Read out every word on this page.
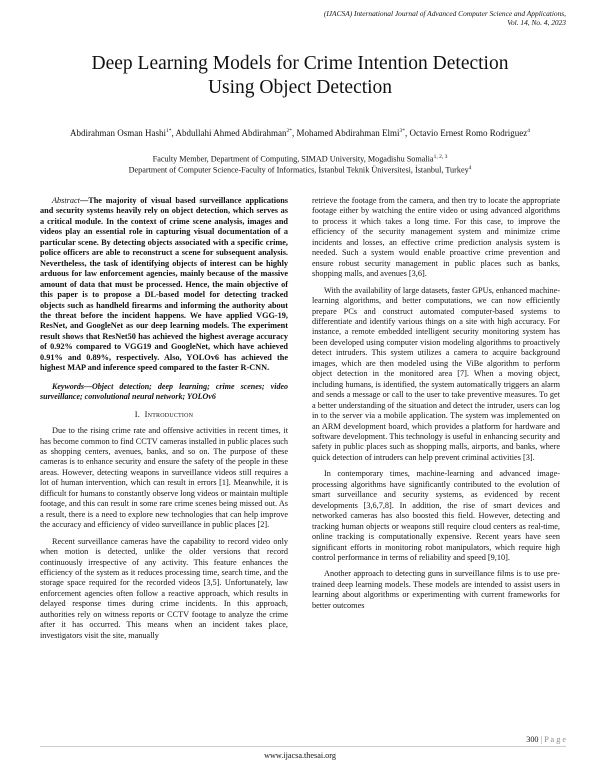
(IJACSA) International Journal of Advanced Computer Science and Applications,
Vol. 14, No. 4, 2023
Deep Learning Models for Crime Intention Detection
Using Object Detection
Abdirahman Osman Hashi$^{1*}$, Abdullahi Ahmed Abdirahman$^{2*}$, Mohamed Abdirahman Elmi$^{3*}$, Octavio Ernest Romo Rodriguez$^4$
Faculty Member, Department of Computing, SIMAD University, Mogadishu Somalia$^{1, 2, 3}$
Department of Computer Science-Faculty of Informatics, İstanbul Teknik Üniversitesi, İstanbul, Turkey$^4$

Abstract—The majority of visual based surveillance applications and security systems heavily rely on object detection, which serves as a critical module. In the context of crime scene analysis, images and videos play an essential role in capturing visual documentation of a particular scene. By detecting objects associated with a specific crime, police officers are able to reconstruct a scene for subsequent analysis. Nevertheless, the task of identifying objects of interest can be highly arduous for law enforcement agencies, mainly because of the massive amount of data that must be processed. Hence, the main objective of this paper is to propose a DL-based model for detecting tracked objects such as handheld firearms and informing the authority about the threat before the incident happens. We have applied VGG-19, ResNet, and GoogleNet as our deep learning models. The experiment result shows that ResNet50 has achieved the highest average accuracy of 0.92% compared to VGG19 and GoogleNet, which have achieved 0.91% and 0.89%, respectively. Also, YOLOv6 has achieved the highest MAP and inference speed compared to the faster R-CNN.

Keywords—Object detection; deep learning; crime scenes; video surveillance; convolutional neural network; YOLOv6

I. Introduction

Due to the rising crime rate and offensive activities in recent times, it has become common to find CCTV cameras installed in public places such as shopping centers, avenues, banks, and so on. The purpose of these cameras is to enhance security and ensure the safety of the people in these areas. However, detecting weapons in surveillance videos still requires a lot of human intervention, which can result in errors [1]. Meanwhile, it is difficult for humans to constantly observe long videos or maintain multiple footage, and this can result in some rare crime scenes being missed out. As a result, there is a need to explore new technologies that can help improve the accuracy and efficiency of video surveillance in public places [2].

Recent surveillance cameras have the capability to record video only when motion is detected, unlike the older versions that record continuously irrespective of any activity. This feature enhances the efficiency of the system as it reduces processing time, search time, and the storage space required for the recorded videos [3,5]. Unfortunately, law enforcement agencies often follow a reactive approach, which results in delayed response times during crime incidents. In this approach, authorities rely on witness reports or CCTV footage to analyze the crime after it has occurred. This means when an incident takes place, investigators visit the site, manually

retrieve the footage from the camera, and then try to locate the appropriate footage either by watching the entire video or using advanced algorithms to process it which takes a long time. For this case, to improve the efficiency of the security management system and minimize crime incidents and losses, an effective crime prediction analysis system is needed. Such a system would enable proactive crime prevention and ensure robust security management in public places such as banks, shopping malls, and avenues [3,6].

With the availability of large datasets, faster GPUs, enhanced machine-learning algorithms, and better computations, we can now efficiently prepare PCs and construct automated computer-based systems to differentiate and identify various things on a site with high accuracy. For instance, a remote embedded intelligent security monitoring system has been developed using computer vision modeling algorithms to proactively detect intruders. This system utilizes a camera to acquire background images, which are then modeled using the ViBe algorithm to perform object detection in the monitored area [7]. When a moving object, including humans, is identified, the system automatically triggers an alarm and sends a message or call to the user to take preventive measures. To get a better understanding of the situation and detect the intruder, users can log in to the server via a mobile application. The system was implemented on an ARM development board, which provides a platform for hardware and software development. This technology is useful in enhancing security and safety in public places such as shopping malls, airports, and banks, where quick detection of intruders can help prevent criminal activities [3].

In contemporary times, machine-learning and advanced image-processing algorithms have significantly contributed to the evolution of smart surveillance and security systems, as evidenced by recent developments [3,6,7,8]. In addition, the rise of smart devices and networked cameras has also boosted this field. However, detecting and tracking human objects or weapons still require cloud centers as real-time, online tracking is computationally expensive. Recent years have seen significant efforts in monitoring robot manipulators, which require high control performance in terms of reliability and speed [9,10].

Another approach to detecting guns in surveillance films is to use pre-trained deep learning models. These models are intended to assist users in learning about algorithms or experimenting with current frameworks for better outcomes

300 | P a g e
www.ijacsa.thesai.org
